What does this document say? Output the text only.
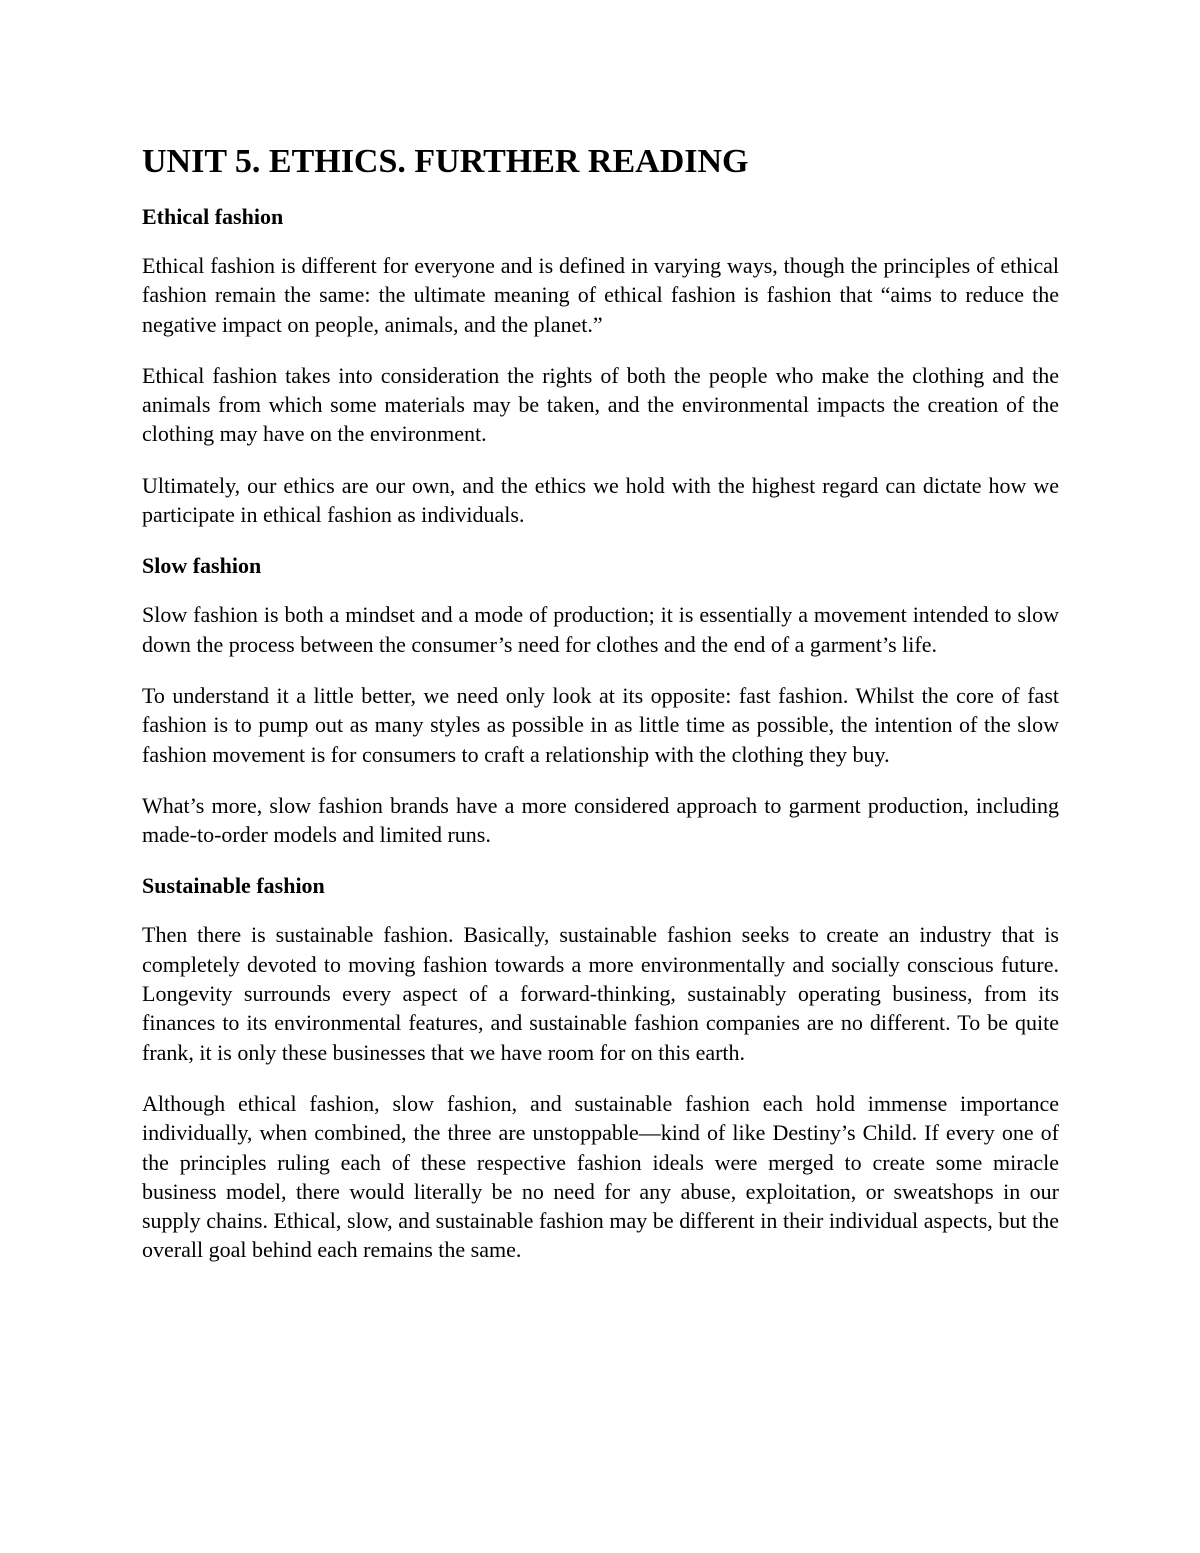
UNIT 5. ETHICS. FURTHER READING
Ethical fashion

Ethical fashion is different for everyone and is defined in varying ways, though the principles of ethical fashion remain the same: the ultimate meaning of ethical fashion is fashion that “aims to reduce the negative impact on people, animals, and the planet.”

Ethical fashion takes into consideration the rights of both the people who make the clothing and the animals from which some materials may be taken, and the environmental impacts the creation of the clothing may have on the environment.

Ultimately, our ethics are our own, and the ethics we hold with the highest regard can dictate how we participate in ethical fashion as individuals.

Slow fashion

Slow fashion is both a mindset and a mode of production; it is essentially a movement intended to slow down the process between the consumer’s need for clothes and the end of a garment’s life.

To understand it a little better, we need only look at its opposite: fast fashion. Whilst the core of fast fashion is to pump out as many styles as possible in as little time as possible, the intention of the slow fashion movement is for consumers to craft a relationship with the clothing they buy.

What’s more, slow fashion brands have a more considered approach to garment production, including made-to-order models and limited runs.

Sustainable fashion

Then there is sustainable fashion. Basically, sustainable fashion seeks to create an industry that is completely devoted to moving fashion towards a more environmentally and socially conscious future. Longevity surrounds every aspect of a forward-thinking, sustainably operating business, from its finances to its environmental features, and sustainable fashion companies are no different. To be quite frank, it is only these businesses that we have room for on this earth.

Although ethical fashion, slow fashion, and sustainable fashion each hold immense importance individually, when combined, the three are unstoppable—kind of like Destiny’s Child. If every one of the principles ruling each of these respective fashion ideals were merged to create some miracle business model, there would literally be no need for any abuse, exploitation, or sweatshops in our supply chains. Ethical, slow, and sustainable fashion may be different in their individual aspects, but the overall goal behind each remains the same.
